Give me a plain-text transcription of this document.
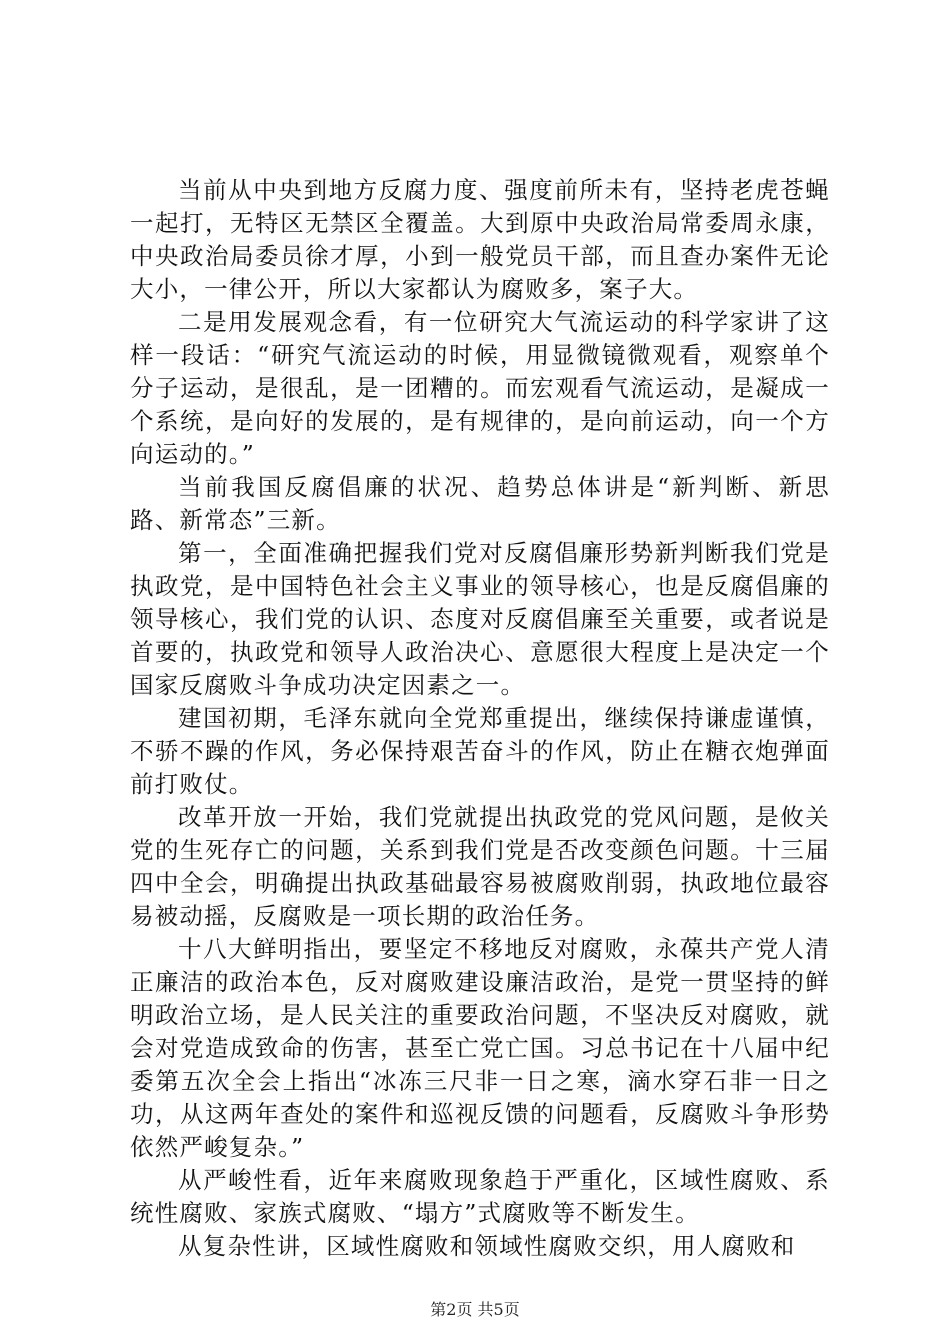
当前从中央到地方反腐力度、强度前所未有，坚持老虎苍蝇一起打，无特区无禁区全覆盖。大到原中央政治局常委周永康，中央政治局委员徐才厚，小到一般党员干部，而且查办案件无论大小，一律公开，所以大家都认为腐败多，案子大。

二是用发展观念看，有一位研究大气流运动的科学家讲了这样一段话：“研究气流运动的时候，用显微镜微观看，观察单个分子运动，是很乱，是一团糟的。而宏观看气流运动，是凝成一个系统，是向好的发展的，是有规律的，是向前运动，向一个方向运动的。”

当前我国反腐倡廉的状况、趋势总体讲是“新判断、新思路、新常态”三新。

第一，全面准确把握我们党对反腐倡廉形势新判断我们党是执政党，是中国特色社会主义事业的领导核心，也是反腐倡廉的领导核心，我们党的认识、态度对反腐倡廉至关重要，或者说是首要的，执政党和领导人政治决心、意愿很大程度上是决定一个国家反腐败斗争成功决定因素之一。

建国初期，毛泽东就向全党郑重提出，继续保持谦虚谨慎，不骄不躁的作风，务必保持艰苦奋斗的作风，防止在糖衣炮弹面前打败仗。

改革开放一开始，我们党就提出执政党的党风问题，是攸关党的生死存亡的问题，关系到我们党是否改变颜色问题。十三届四中全会，明确提出执政基础最容易被腐败削弱，执政地位最容易被动摇，反腐败是一项长期的政治任务。

十八大鲜明指出，要坚定不移地反对腐败，永葆共产党人清正廉洁的政治本色，反对腐败建设廉洁政治，是党一贯坚持的鲜明政治立场，是人民关注的重要政治问题，不坚决反对腐败，就会对党造成致命的伤害，甚至亡党亡国。习总书记在十八届中纪委第五次全会上指出“冰冻三尺非一日之寒，滴水穿石非一日之功，从这两年查处的案件和巡视反馈的问题看，反腐败斗争形势依然严峻复杂。”

从严峻性看，近年来腐败现象趋于严重化，区域性腐败、系统性腐败、家族式腐败、“塌方”式腐败等不断发生。

从复杂性讲，区域性腐败和领域性腐败交织，用人腐败和

第2页 共5页
